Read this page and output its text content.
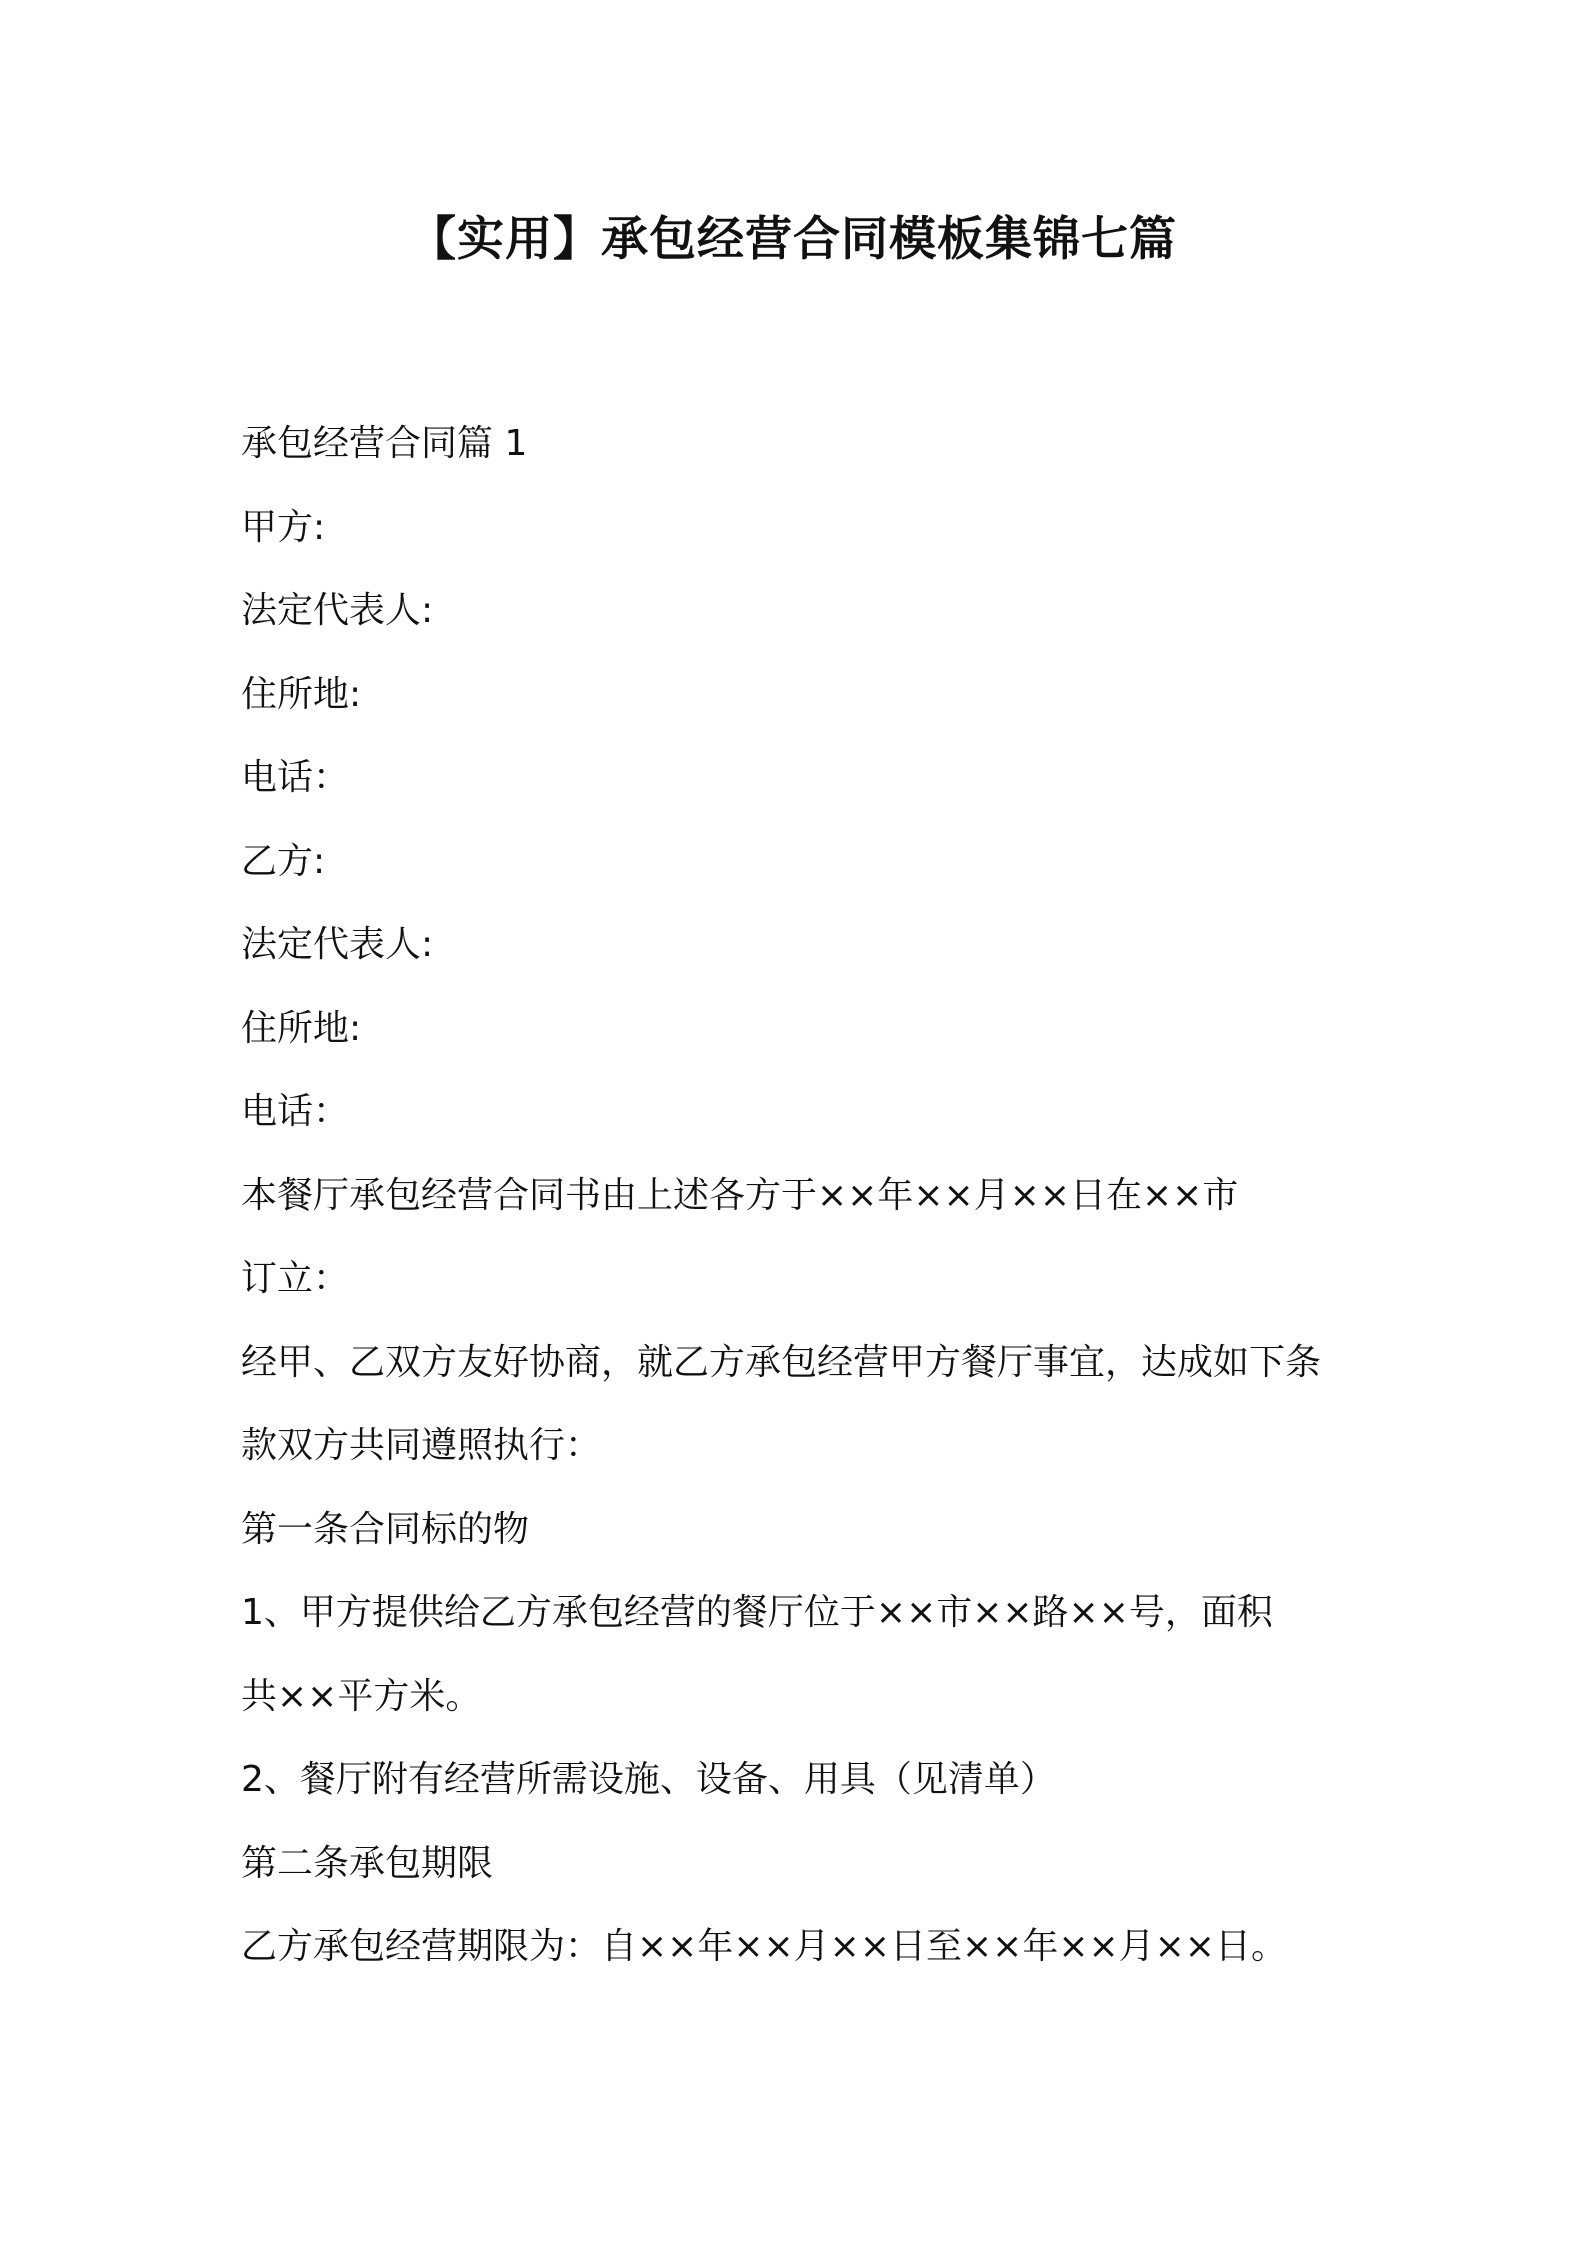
【实用】承包经营合同模板集锦七篇
承包经营合同篇 1
甲方:
法定代表人:
住所地:
电话：
乙方:
法定代表人:
住所地:
电话：
本餐厅承包经营合同书由上述各方于××年××月××日在××市
订立：
经甲、乙双方友好协商，就乙方承包经营甲方餐厅事宜，达成如下条
款双方共同遵照执行：
第一条合同标的物
1、甲方提供给乙方承包经营的餐厅位于××市××路××号，面积
共××平方米。
2、餐厅附有经营所需设施、设备、用具（见清单）
第二条承包期限
乙方承包经营期限为：自××年××月××日至××年××月××日。
